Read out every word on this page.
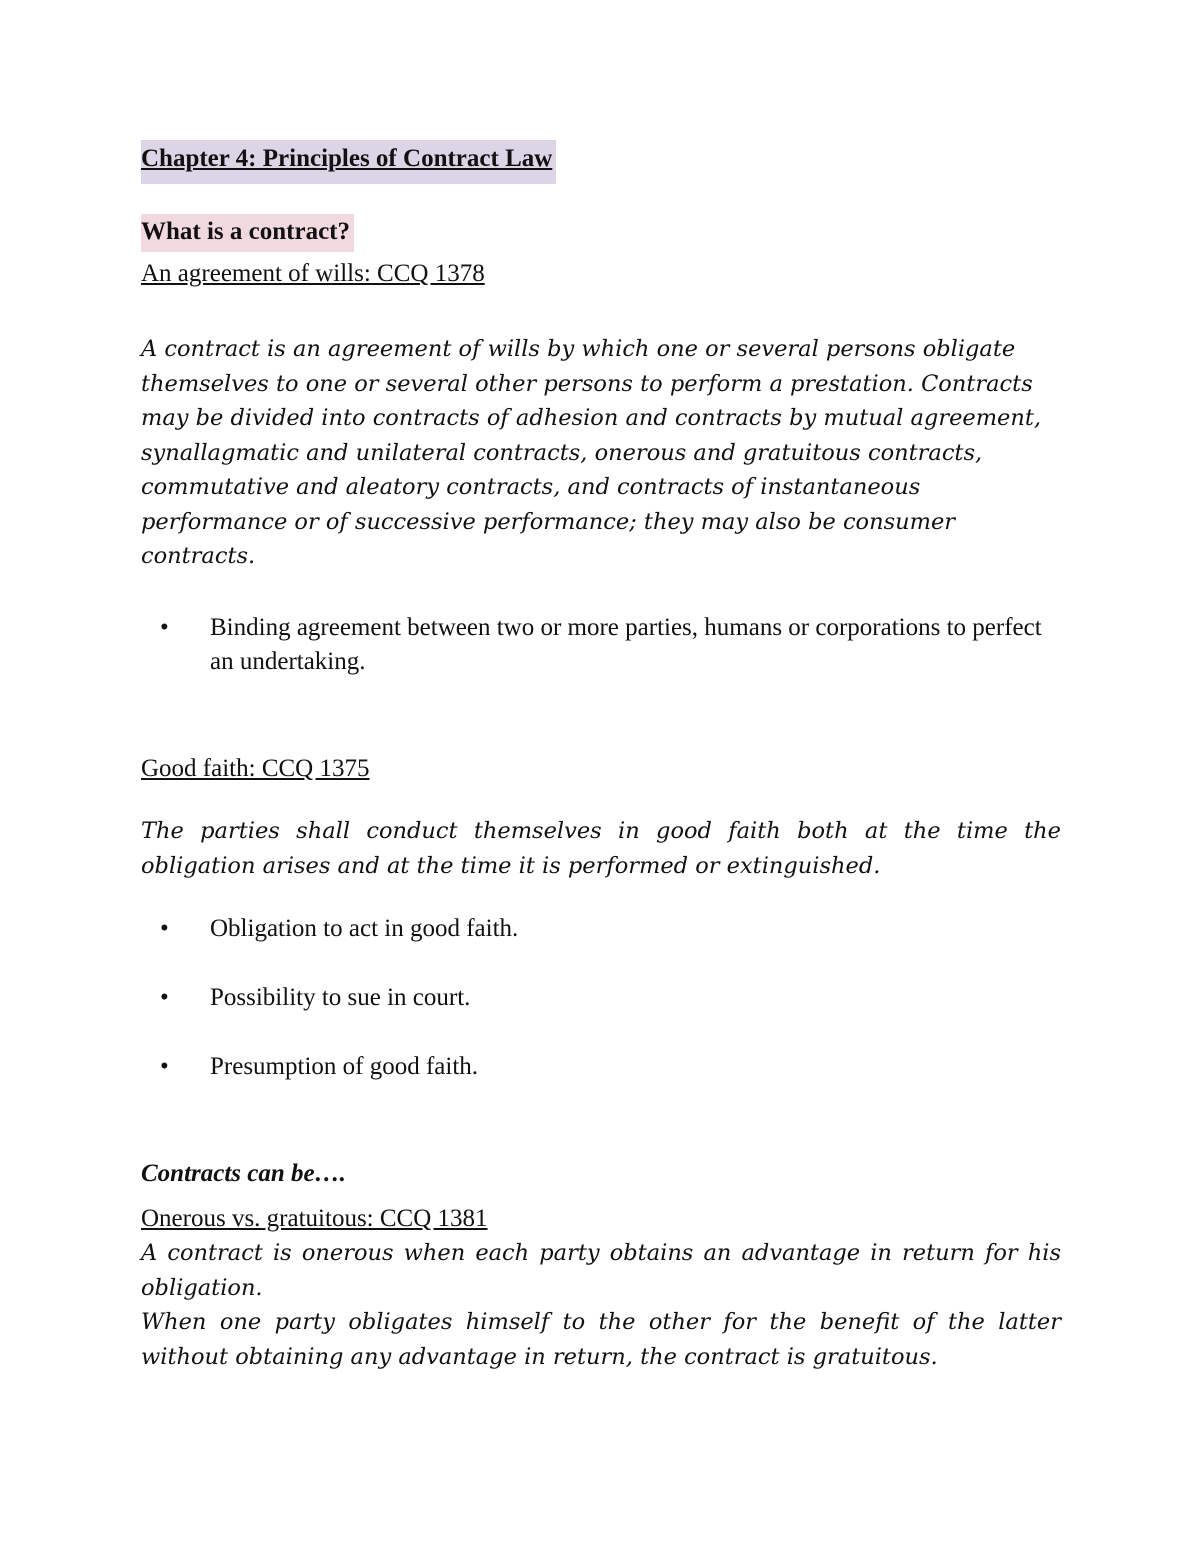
Chapter 4: Principles of Contract Law
What is a contract?
An agreement of wills: CCQ 1378

A contract is an agreement of wills by which one or several persons obligate themselves to one or several other persons to perform a prestation. Contracts may be divided into contracts of adhesion and contracts by mutual agreement, synallagmatic and unilateral contracts, onerous and gratuitous contracts, commutative and aleatory contracts, and contracts of instantaneous performance or of successive performance; they may also be consumer contracts.

• Binding agreement between two or more parties, humans or corporations to perfect an undertaking.
Good faith: CCQ 1375

The parties shall conduct themselves in good faith both at the time the obligation arises and at the time it is performed or extinguished.

• Obligation to act in good faith.
• Possibility to sue in court.
• Presumption of good faith.
Contracts can be….
Onerous vs. gratuitous: CCQ 1381

A contract is onerous when each party obtains an advantage in return for his obligation.

When one party obligates himself to the other for the benefit of the latter without obtaining any advantage in return, the contract is gratuitous.
